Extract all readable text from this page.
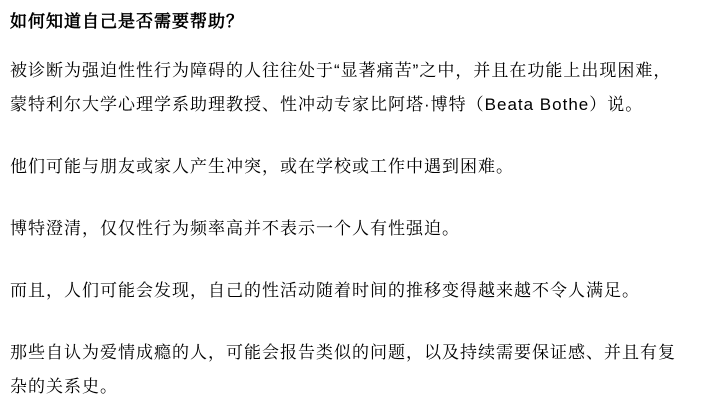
如何知道自己是否需要帮助？

被诊断为强迫性性行为障碍的人往往处于“显著痛苦”之中，并且在功能上出现困难，蒙特利尔大学心理学系助理教授、性冲动专家比阿塔·博特（Beata Bothe）说。

他们可能与朋友或家人产生冲突，或在学校或工作中遇到困难。

博特澄清，仅仅性行为频率高并不表示一个人有性强迫。

而且，人们可能会发现，自己的性活动随着时间的推移变得越来越不令人满足。

那些自认为爱情成瘾的人，可能会报告类似的问题，以及持续需要保证感、并且有复杂的关系史。
